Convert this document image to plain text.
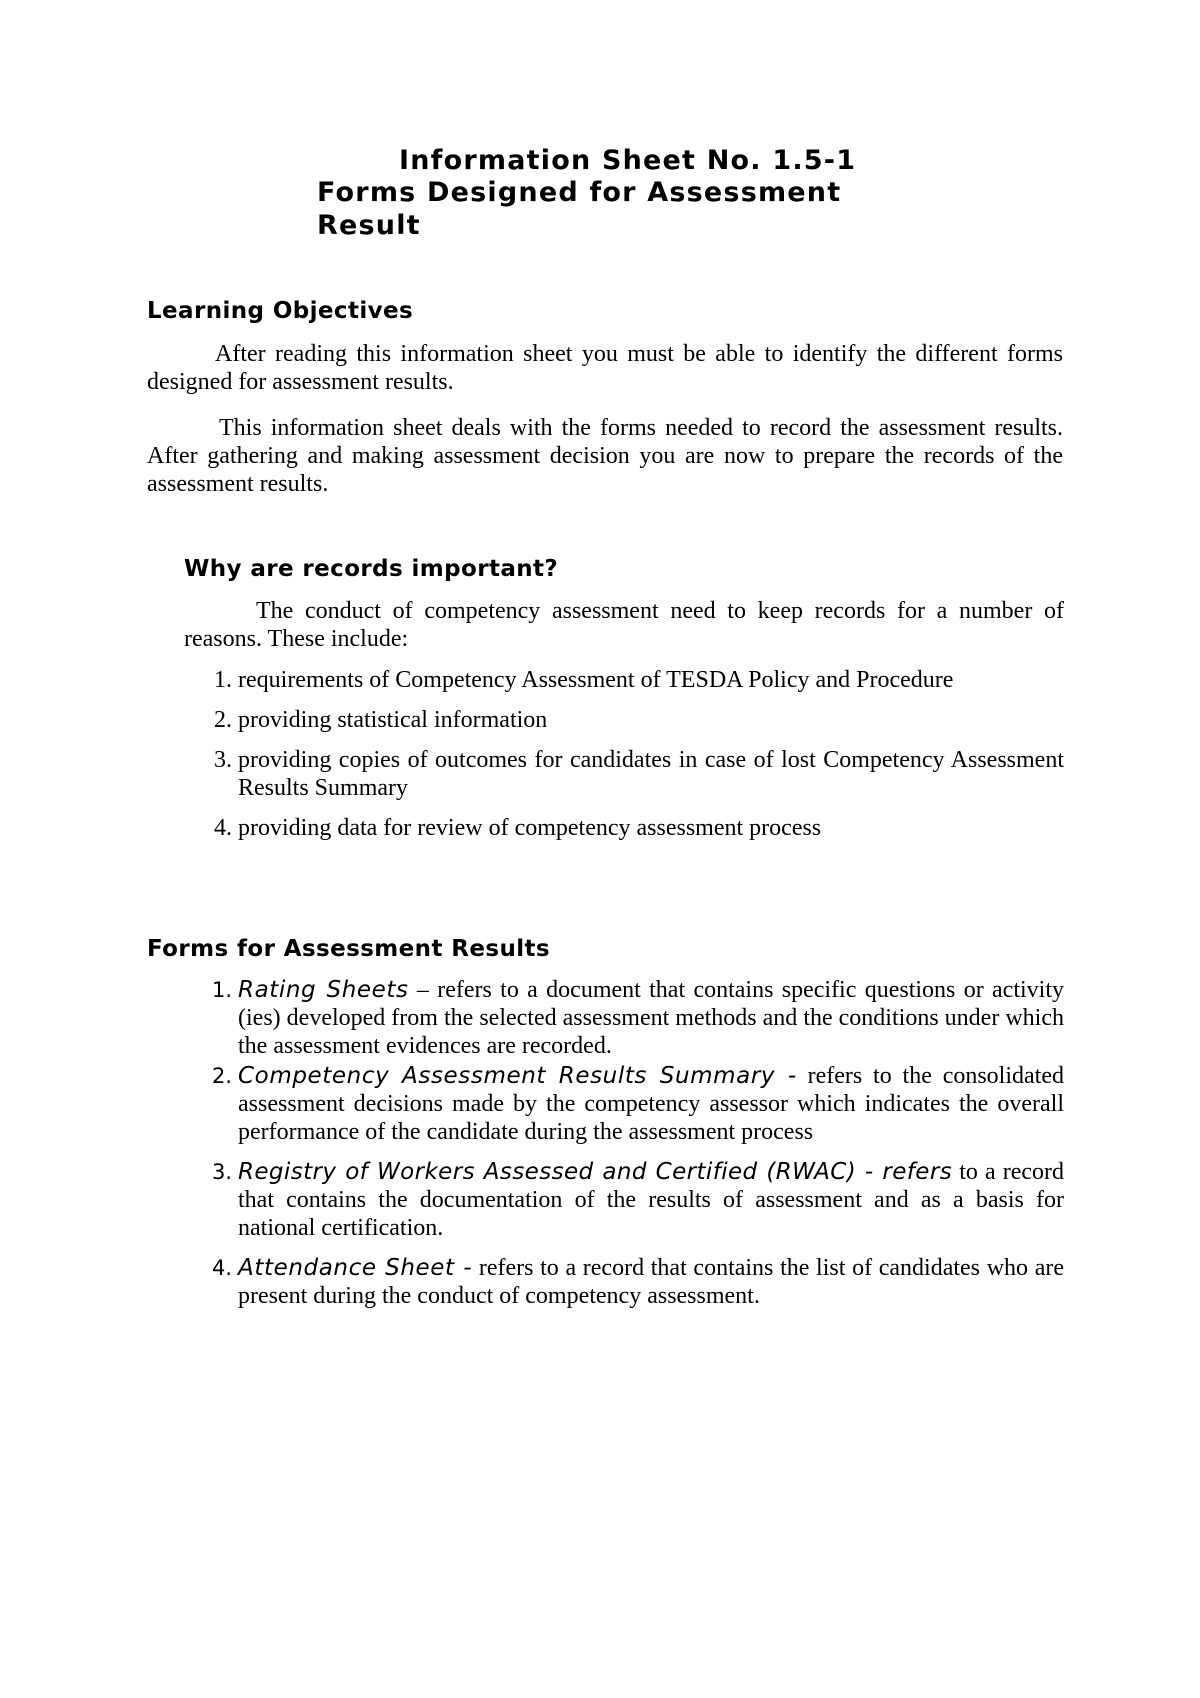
Information Sheet No. 1.5-1
Forms Designed for Assessment
Result
Learning Objectives
After reading this information sheet you must be able to identify the different forms designed for assessment results.
This information sheet deals with the forms needed to record the assessment results. After gathering and making assessment decision you are now to prepare the records of the assessment results.
Why are records important?
The conduct of competency assessment need to keep records for a number of reasons. These include:
1. requirements of Competency Assessment of TESDA Policy and Procedure
2. providing statistical information
3. providing copies of outcomes for candidates in case of lost Competency Assessment Results Summary
4. providing data for review of competency assessment process
Forms for Assessment Results
1. Rating Sheets – refers to a document that contains specific questions or activity (ies) developed from the selected assessment methods and the conditions under which the assessment evidences are recorded.
2. Competency Assessment Results Summary - refers to the consolidated assessment decisions made by the competency assessor which indicates the overall performance of the candidate during the assessment process
3. Registry of Workers Assessed and Certified (RWAC) - refers to a record that contains the documentation of the results of assessment and as a basis for national certification.
4. Attendance Sheet - refers to a record that contains the list of candidates who are present during the conduct of competency assessment.
